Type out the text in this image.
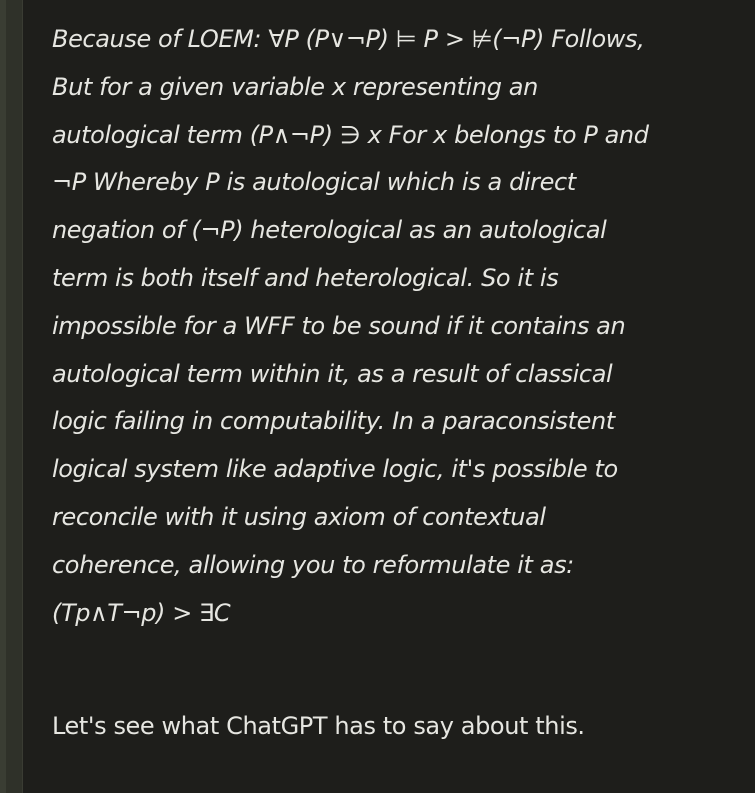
Because of LOEM: ∀P (P∨¬P) ⊨ P > ⊭(¬P) Follows,
But for a given variable x representing an
autological term (P∧¬P) ∋ x For x belongs to P and
¬P Whereby P is autological which is a direct
negation of (¬P) heterological as an autological
term is both itself and heterological. So it is
impossible for a WFF to be sound if it contains an
autological term within it, as a result of classical
logic failing in computability. In a paraconsistent
logical system like adaptive logic, it's possible to
reconcile with it using axiom of contextual
coherence, allowing you to reformulate it as:
(Tp∧T¬p) > ∃C

Let's see what ChatGPT has to say about this.
